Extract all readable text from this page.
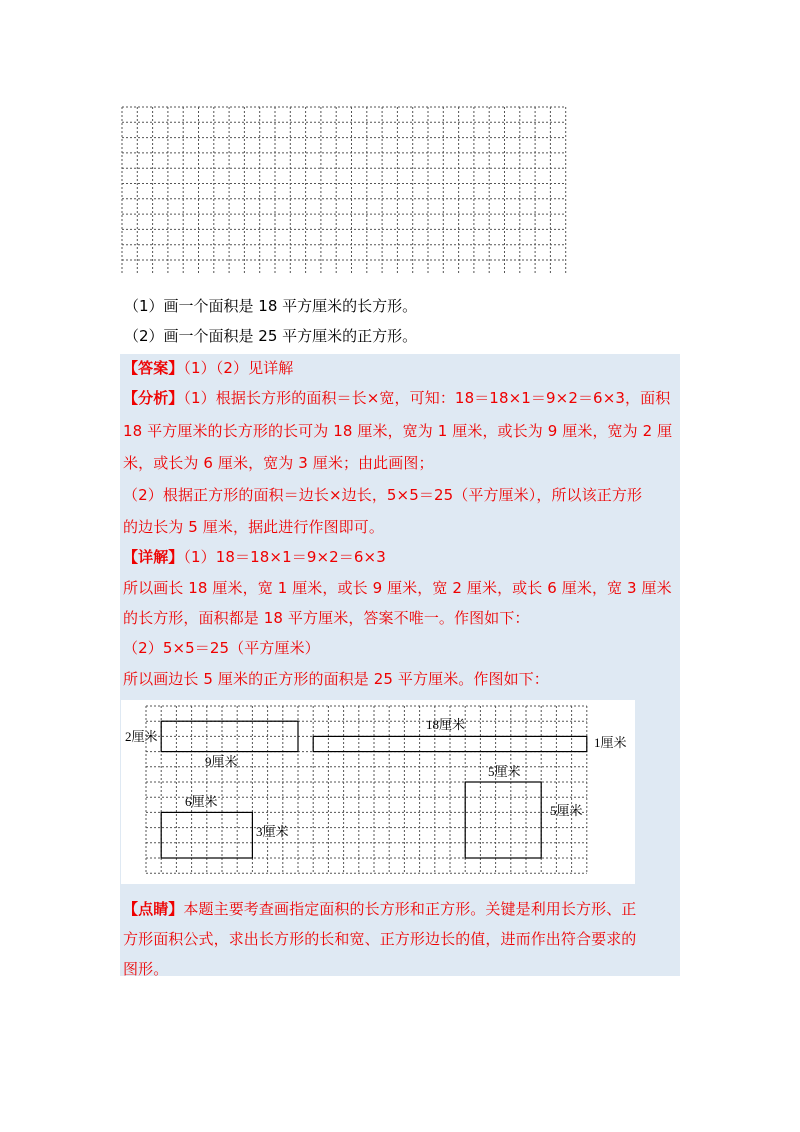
（1）画一个面积是 18 平方厘米的长方形。
（2）画一个面积是 25 平方厘米的正方形。
【答案】（1）（2）见详解
【分析】（1）根据长方形的面积＝长×宽，可知：18＝18×1＝9×2＝6×3，面积
18 平方厘米的长方形的长可为 18 厘米，宽为 1 厘米，或长为 9 厘米，宽为 2 厘
米，或长为 6 厘米，宽为 3 厘米；由此画图；
（2）根据正方形的面积＝边长×边长，5×5＝25（平方厘米），所以该正方形
的边长为 5 厘米，据此进行作图即可。
【详解】（1）18＝18×1＝9×2＝6×3
所以画长 18 厘米，宽 1 厘米，或长 9 厘米，宽 2 厘米，或长 6 厘米，宽 3 厘米
的长方形，面积都是 18 平方厘米，答案不唯一。作图如下：
（2）5×5＝25（平方厘米）
所以画边长 5 厘米的正方形的面积是 25 平方厘米。作图如下：
2厘米
9厘米
18厘米
1厘米
6厘米
3厘米
5厘米
5厘米
【点睛】本题主要考查画指定面积的长方形和正方形。关键是利用长方形、正
方形面积公式，求出长方形的长和宽、正方形边长的值，进而作出符合要求的
图形。
